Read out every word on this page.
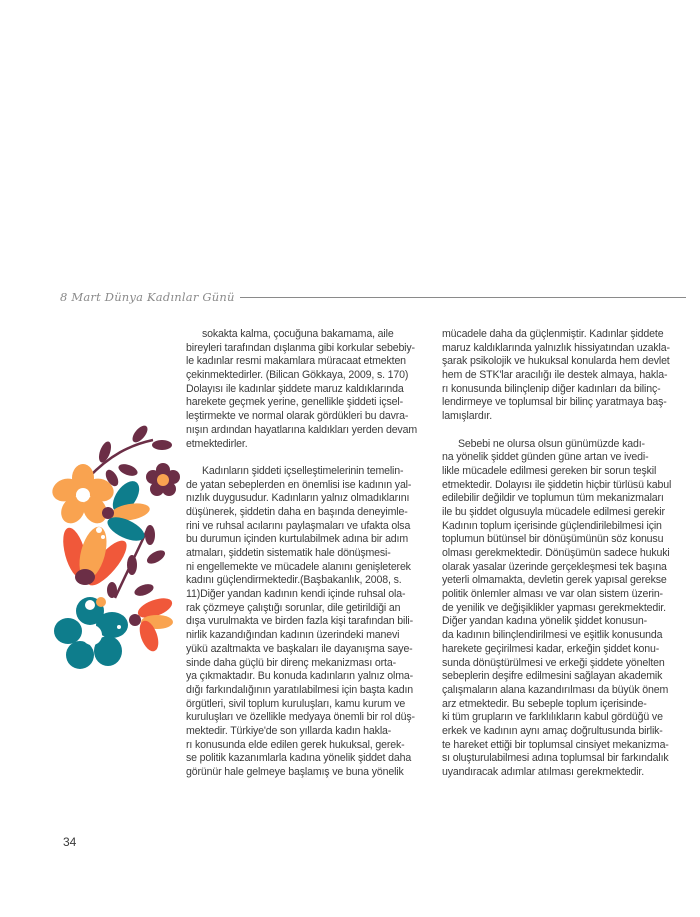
8 Mart Dünya Kadınlar Günü
sokakta kalma, çocuğuna bakamama, aile
bireyleri tarafından dışlanma gibi korkular sebebiy-
le kadınlar resmi makamlara müracaat etmekten
çekinmektedirler. (Bilican Gökkaya, 2009, s. 170)
Dolayısı ile kadınlar şiddete maruz kaldıklarında
harekete geçmek yerine, genellikle şiddeti içsel-
leştirmekte ve normal olarak gördükleri bu davra-
nışın ardından hayatlarına kaldıkları yerden devam
etmektedirler.
Kadınların şiddeti içselleştimelerinin temelin-
de yatan sebeplerden en önemlisi ise kadının yal-
nızlık duygusudur. Kadınların yalnız olmadıklarını
düşünerek, şiddetin daha en başında deneyimle-
rini ve ruhsal acılarını paylaşmaları ve ufakta olsa
bu durumun içinden kurtulabilmek adına bir adım
atmaları, şiddetin sistematik hale dönüşmesi-
ni engellemekte ve mücadele alanını genişleterek
kadını güçlendirmektedir.(Başbakanlık, 2008, s.
11)Diğer yandan kadının kendi içinde ruhsal ola-
rak çözmeye çalıştığı sorunlar, dile getirildiği an
dışa vurulmakta ve birden fazla kişi tarafından bili-
nirlik kazandığından kadının üzerindeki manevi
yükü azaltmakta ve başkaları ile dayanışma saye-
sinde daha güçlü bir direnç mekanizması orta-
ya çıkmaktadır. Bu konuda kadınların yalnız olma-
dığı farkındalığının yaratılabilmesi için başta kadın
örgütleri, sivil toplum kuruluşları, kamu kurum ve
kuruluşları ve özellikle medyaya önemli bir rol düş-
mektedir. Türkiye'de son yıllarda kadın hakla-
rı konusunda elde edilen gerek hukuksal, gerek-
se politik kazanımlarla kadına yönelik şiddet daha
görünür hale gelmeye başlamış ve buna yönelik
mücadele daha da güçlenmiştir. Kadınlar şiddete
maruz kaldıklarında yalnızlık hissiyatından uzakla-
şarak psikolojik ve hukuksal konularda hem devlet
hem de STK'lar aracılığı ile destek almaya, hakla-
rı konusunda bilinçlenip diğer kadınları da bilinç-
lendirmeye ve toplumsal bir bilinç yaratmaya baş-
lamışlardır.
Sebebi ne olursa olsun günümüzde kadı-
na yönelik şiddet günden güne artan ve ivedi-
likle mücadele edilmesi gereken bir sorun teşkil
etmektedir. Dolayısı ile şiddetin hiçbir türlüsü kabul
edilebilir değildir ve toplumun tüm mekanizmaları
ile bu şiddet olgusuyla mücadele edilmesi gerekir
Kadının toplum içerisinde güçlendirilebilmesi için
toplumun bütünsel bir dönüşümünün söz konusu
olması gerekmektedir. Dönüşümün sadece hukuki
olarak yasalar üzerinde gerçekleşmesi tek başına
yeterli olmamakta, devletin gerek yapısal gerekse
politik önlemler alması ve var olan sistem üzerin-
de yenilik ve değişiklikler yapması gerekmektedir.
Diğer yandan kadına yönelik şiddet konusun-
da kadının bilinçlendirilmesi ve eşitlik konusunda
harekete geçirilmesi kadar, erkeğin şiddet konu-
sunda dönüştürülmesi ve erkeği şiddete yönelten
sebeplerin deşifre edilmesini sağlayan akademik
çalışmaların alana kazandırılması da büyük önem
arz etmektedir. Bu sebeple toplum içerisinde-
ki tüm grupların ve farklılıkların kabul gördüğü ve
erkek ve kadının aynı amaç doğrultusunda birlik-
te hareket ettiği bir toplumsal cinsiyet mekanizma-
sı oluşturulabilmesi adına toplumsal bir farkındalık
uyandıracak adımlar atılması gerekmektedir.
34
